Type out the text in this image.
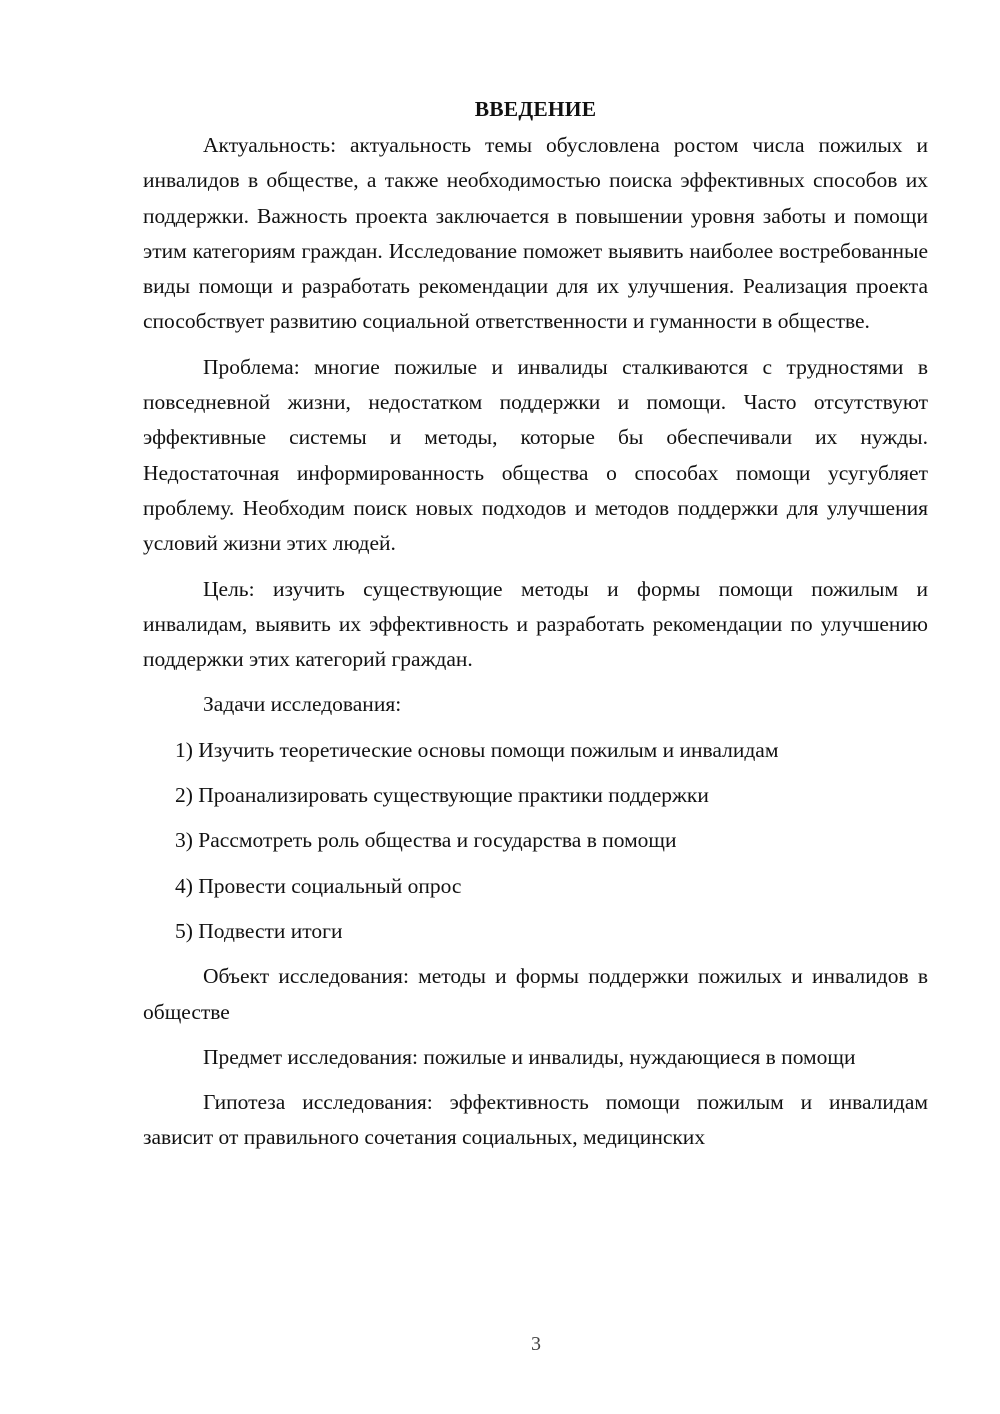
ВВЕДЕНИЕ

Актуальность: актуальность темы обусловлена ростом числа пожилых и инвалидов в обществе, а также необходимостью поиска эффективных способов их поддержки. Важность проекта заключается в повышении уровня заботы и помощи этим категориям граждан. Исследование поможет выявить наиболее востребованные виды помощи и разработать рекомендации для их улучшения. Реализация проекта способствует развитию социальной ответственности и гуманности в обществе.

Проблема: многие пожилые и инвалиды сталкиваются с трудностями в повседневной жизни, недостатком поддержки и помощи. Часто отсутствуют эффективные системы и методы, которые бы обеспечивали их нужды. Недостаточная информированность общества о способах помощи усугубляет проблему. Необходим поиск новых подходов и методов поддержки для улучшения условий жизни этих людей.

Цель: изучить существующие методы и формы помощи пожилым и инвалидам, выявить их эффективность и разработать рекомендации по улучшению поддержки этих категорий граждан.

Задачи исследования:

1) Изучить теоретические основы помощи пожилым и инвалидам
2) Проанализировать существующие практики поддержки
3) Рассмотреть роль общества и государства в помощи
4) Провести социальный опрос
5) Подвести итоги

Объект исследования: методы и формы поддержки пожилых и инвалидов в обществе

Предмет исследования: пожилые и инвалиды, нуждающиеся в помощи

Гипотеза исследования: эффективность помощи пожилым и инвалидам зависит от правильного сочетания социальных, медицинских

3
